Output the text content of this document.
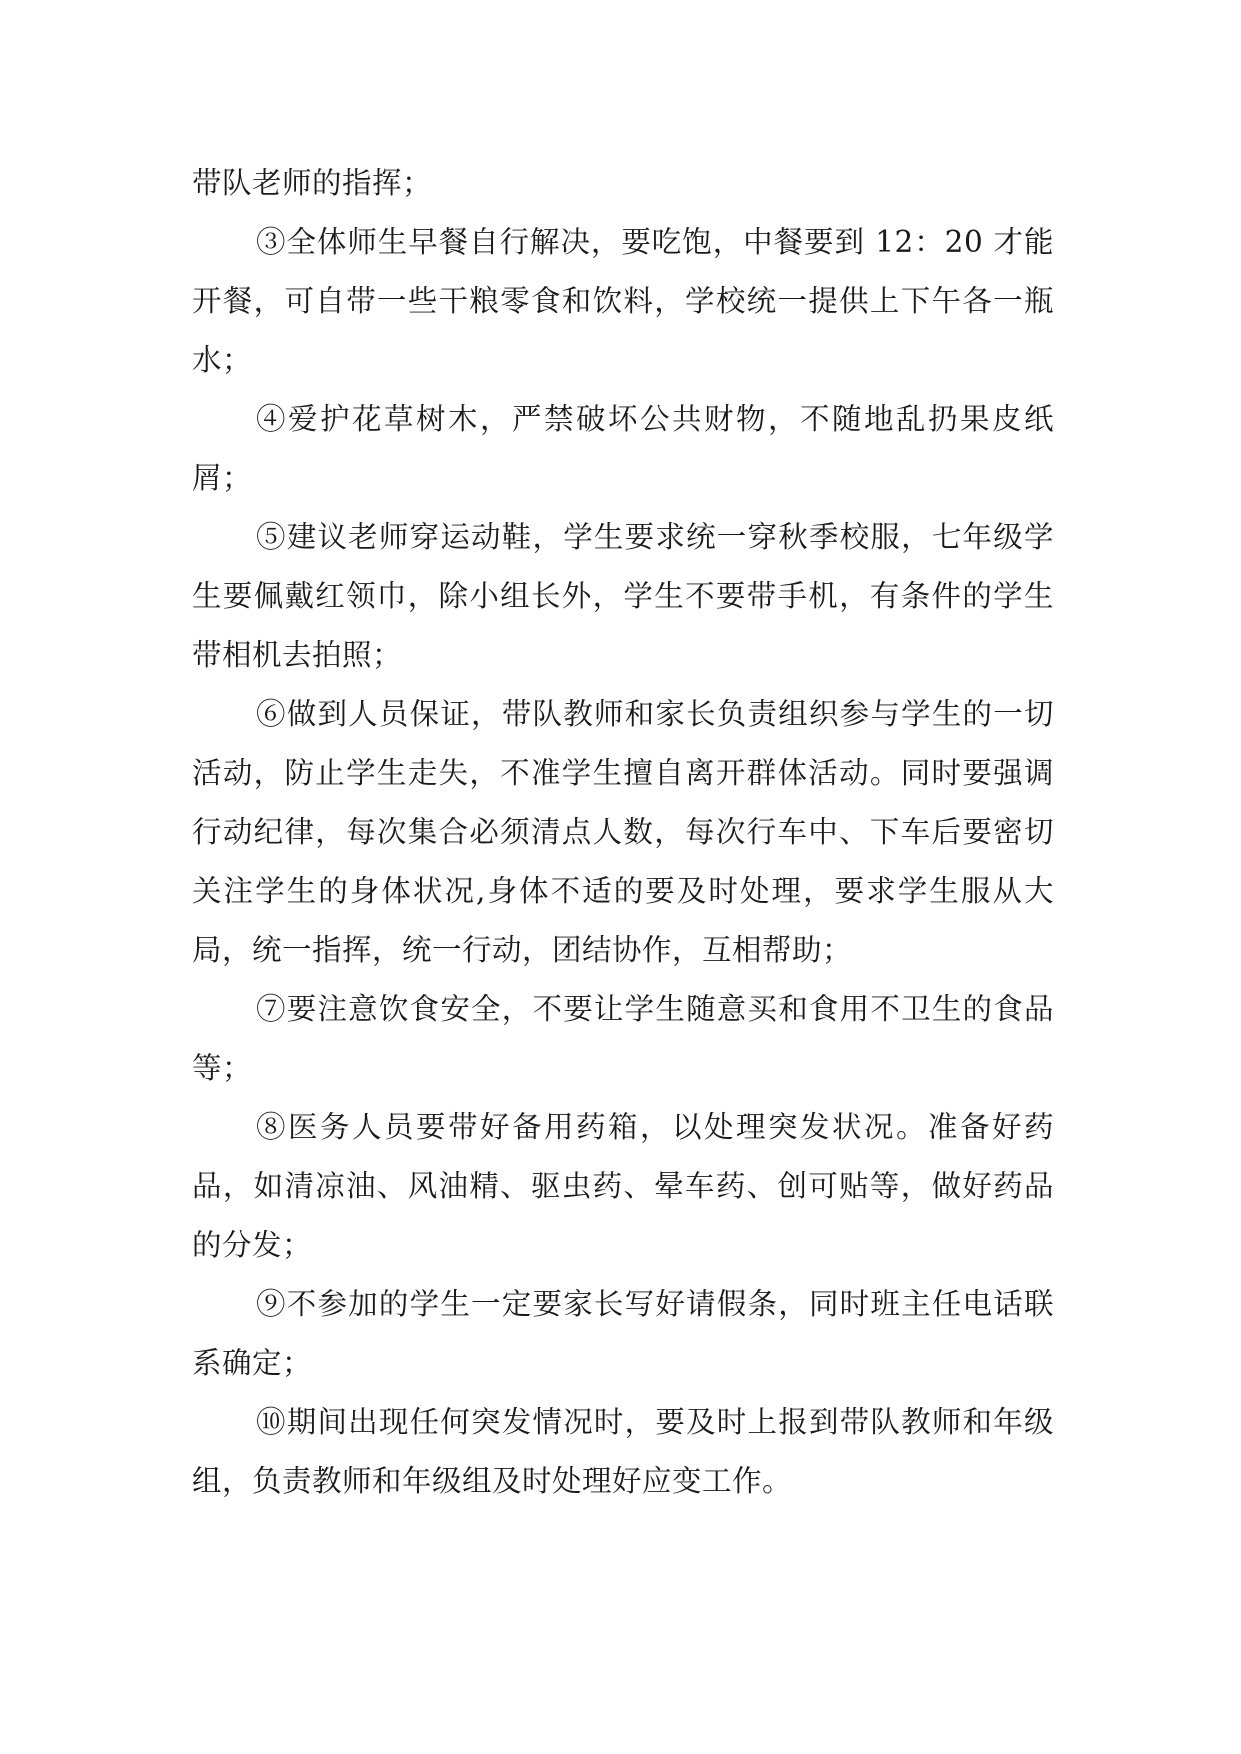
带队老师的指挥；

③全体师生早餐自行解决，要吃饱，中餐要到 12：20 才能开餐，可自带一些干粮零食和饮料，学校统一提供上下午各一瓶水；

④爱护花草树木，严禁破坏公共财物，不随地乱扔果皮纸屑；

⑤建议老师穿运动鞋，学生要求统一穿秋季校服，七年级学生要佩戴红领巾，除小组长外，学生不要带手机，有条件的学生带相机去拍照；

⑥做到人员保证，带队教师和家长负责组织参与学生的一切活动，防止学生走失，不准学生擅自离开群体活动。同时要强调行动纪律，每次集合必须清点人数，每次行车中、下车后要密切关注学生的身体状况,身体不适的要及时处理，要求学生服从大局，统一指挥，统一行动，团结协作，互相帮助；

⑦要注意饮食安全，不要让学生随意买和食用不卫生的食品等；

⑧医务人员要带好备用药箱，以处理突发状况。准备好药品，如清凉油、风油精、驱虫药、晕车药、创可贴等，做好药品的分发；

⑨不参加的学生一定要家长写好请假条，同时班主任电话联系确定；

⑩期间出现任何突发情况时，要及时上报到带队教师和年级组，负责教师和年级组及时处理好应变工作。
